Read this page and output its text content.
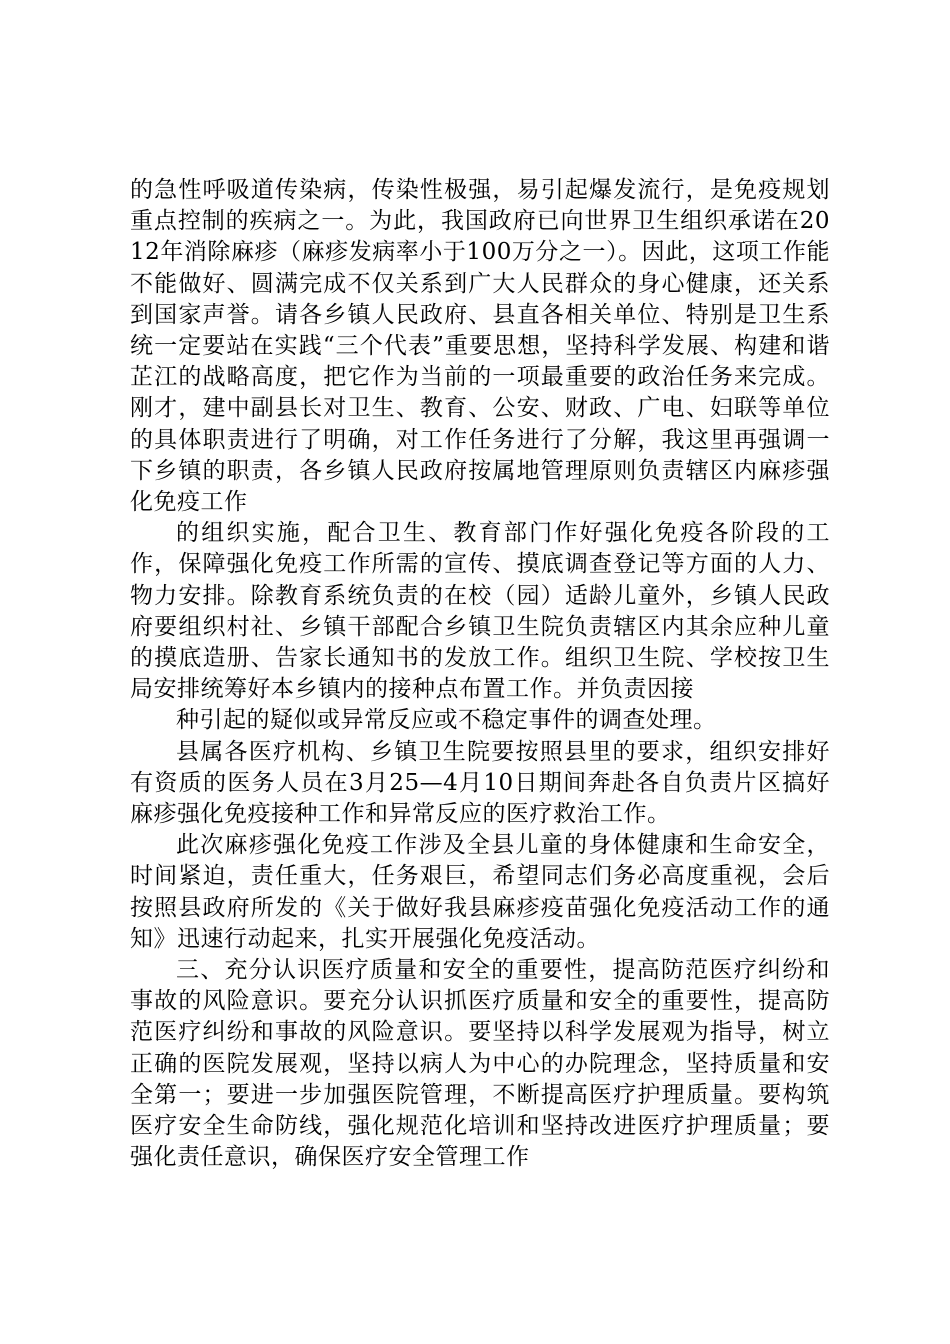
的急性呼吸道传染病，传染性极强，易引起爆发流行，是免疫规划重点控制的疾病之一。为此，我国政府已向世界卫生组织承诺在2012年消除麻疹（麻疹发病率小于100万分之一）。因此，这项工作能不能做好、圆满完成不仅关系到广大人民群众的身心健康，还关系到国家声誉。请各乡镇人民政府、县直各相关单位、特别是卫生系统一定要站在实践“三个代表”重要思想，坚持科学发展、构建和谐芷江的战略高度，把它作为当前的一项最重要的政治任务来完成。刚才，建中副县长对卫生、教育、公安、财政、广电、妇联等单位的具体职责进行了明确，对工作任务进行了分解，我这里再强调一下乡镇的职责，各乡镇人民政府按属地管理原则负责辖区内麻疹强化免疫工作

的组织实施，配合卫生、教育部门作好强化免疫各阶段的工作，保障强化免疫工作所需的宣传、摸底调查登记等方面的人力、物力安排。除教育系统负责的在校（园）适龄儿童外，乡镇人民政府要组织村社、乡镇干部配合乡镇卫生院负责辖区内其余应种儿童的摸底造册、告家长通知书的发放工作。组织卫生院、学校按卫生局安排统筹好本乡镇内的接种点布置工作。并负责因接

种引起的疑似或异常反应或不稳定事件的调查处理。

县属各医疗机构、乡镇卫生院要按照县里的要求，组织安排好有资质的医务人员在3月25—4月10日期间奔赴各自负责片区搞好麻疹强化免疫接种工作和异常反应的医疗救治工作。

此次麻疹强化免疫工作涉及全县儿童的身体健康和生命安全，时间紧迫，责任重大，任务艰巨，希望同志们务必高度重视，会后按照县政府所发的《关于做好我县麻疹疫苗强化免疫活动工作的通知》迅速行动起来，扎实开展强化免疫活动。

三、充分认识医疗质量和安全的重要性，提高防范医疗纠纷和事故的风险意识。要充分认识抓医疗质量和安全的重要性，提高防范医疗纠纷和事故的风险意识。要坚持以科学发展观为指导，树立正确的医院发展观，坚持以病人为中心的办院理念，坚持质量和安全第一；要进一步加强医院管理，不断提高医疗护理质量。要构筑医疗安全生命防线，强化规范化培训和坚持改进医疗护理质量；要强化责任意识，确保医疗安全管理工作
